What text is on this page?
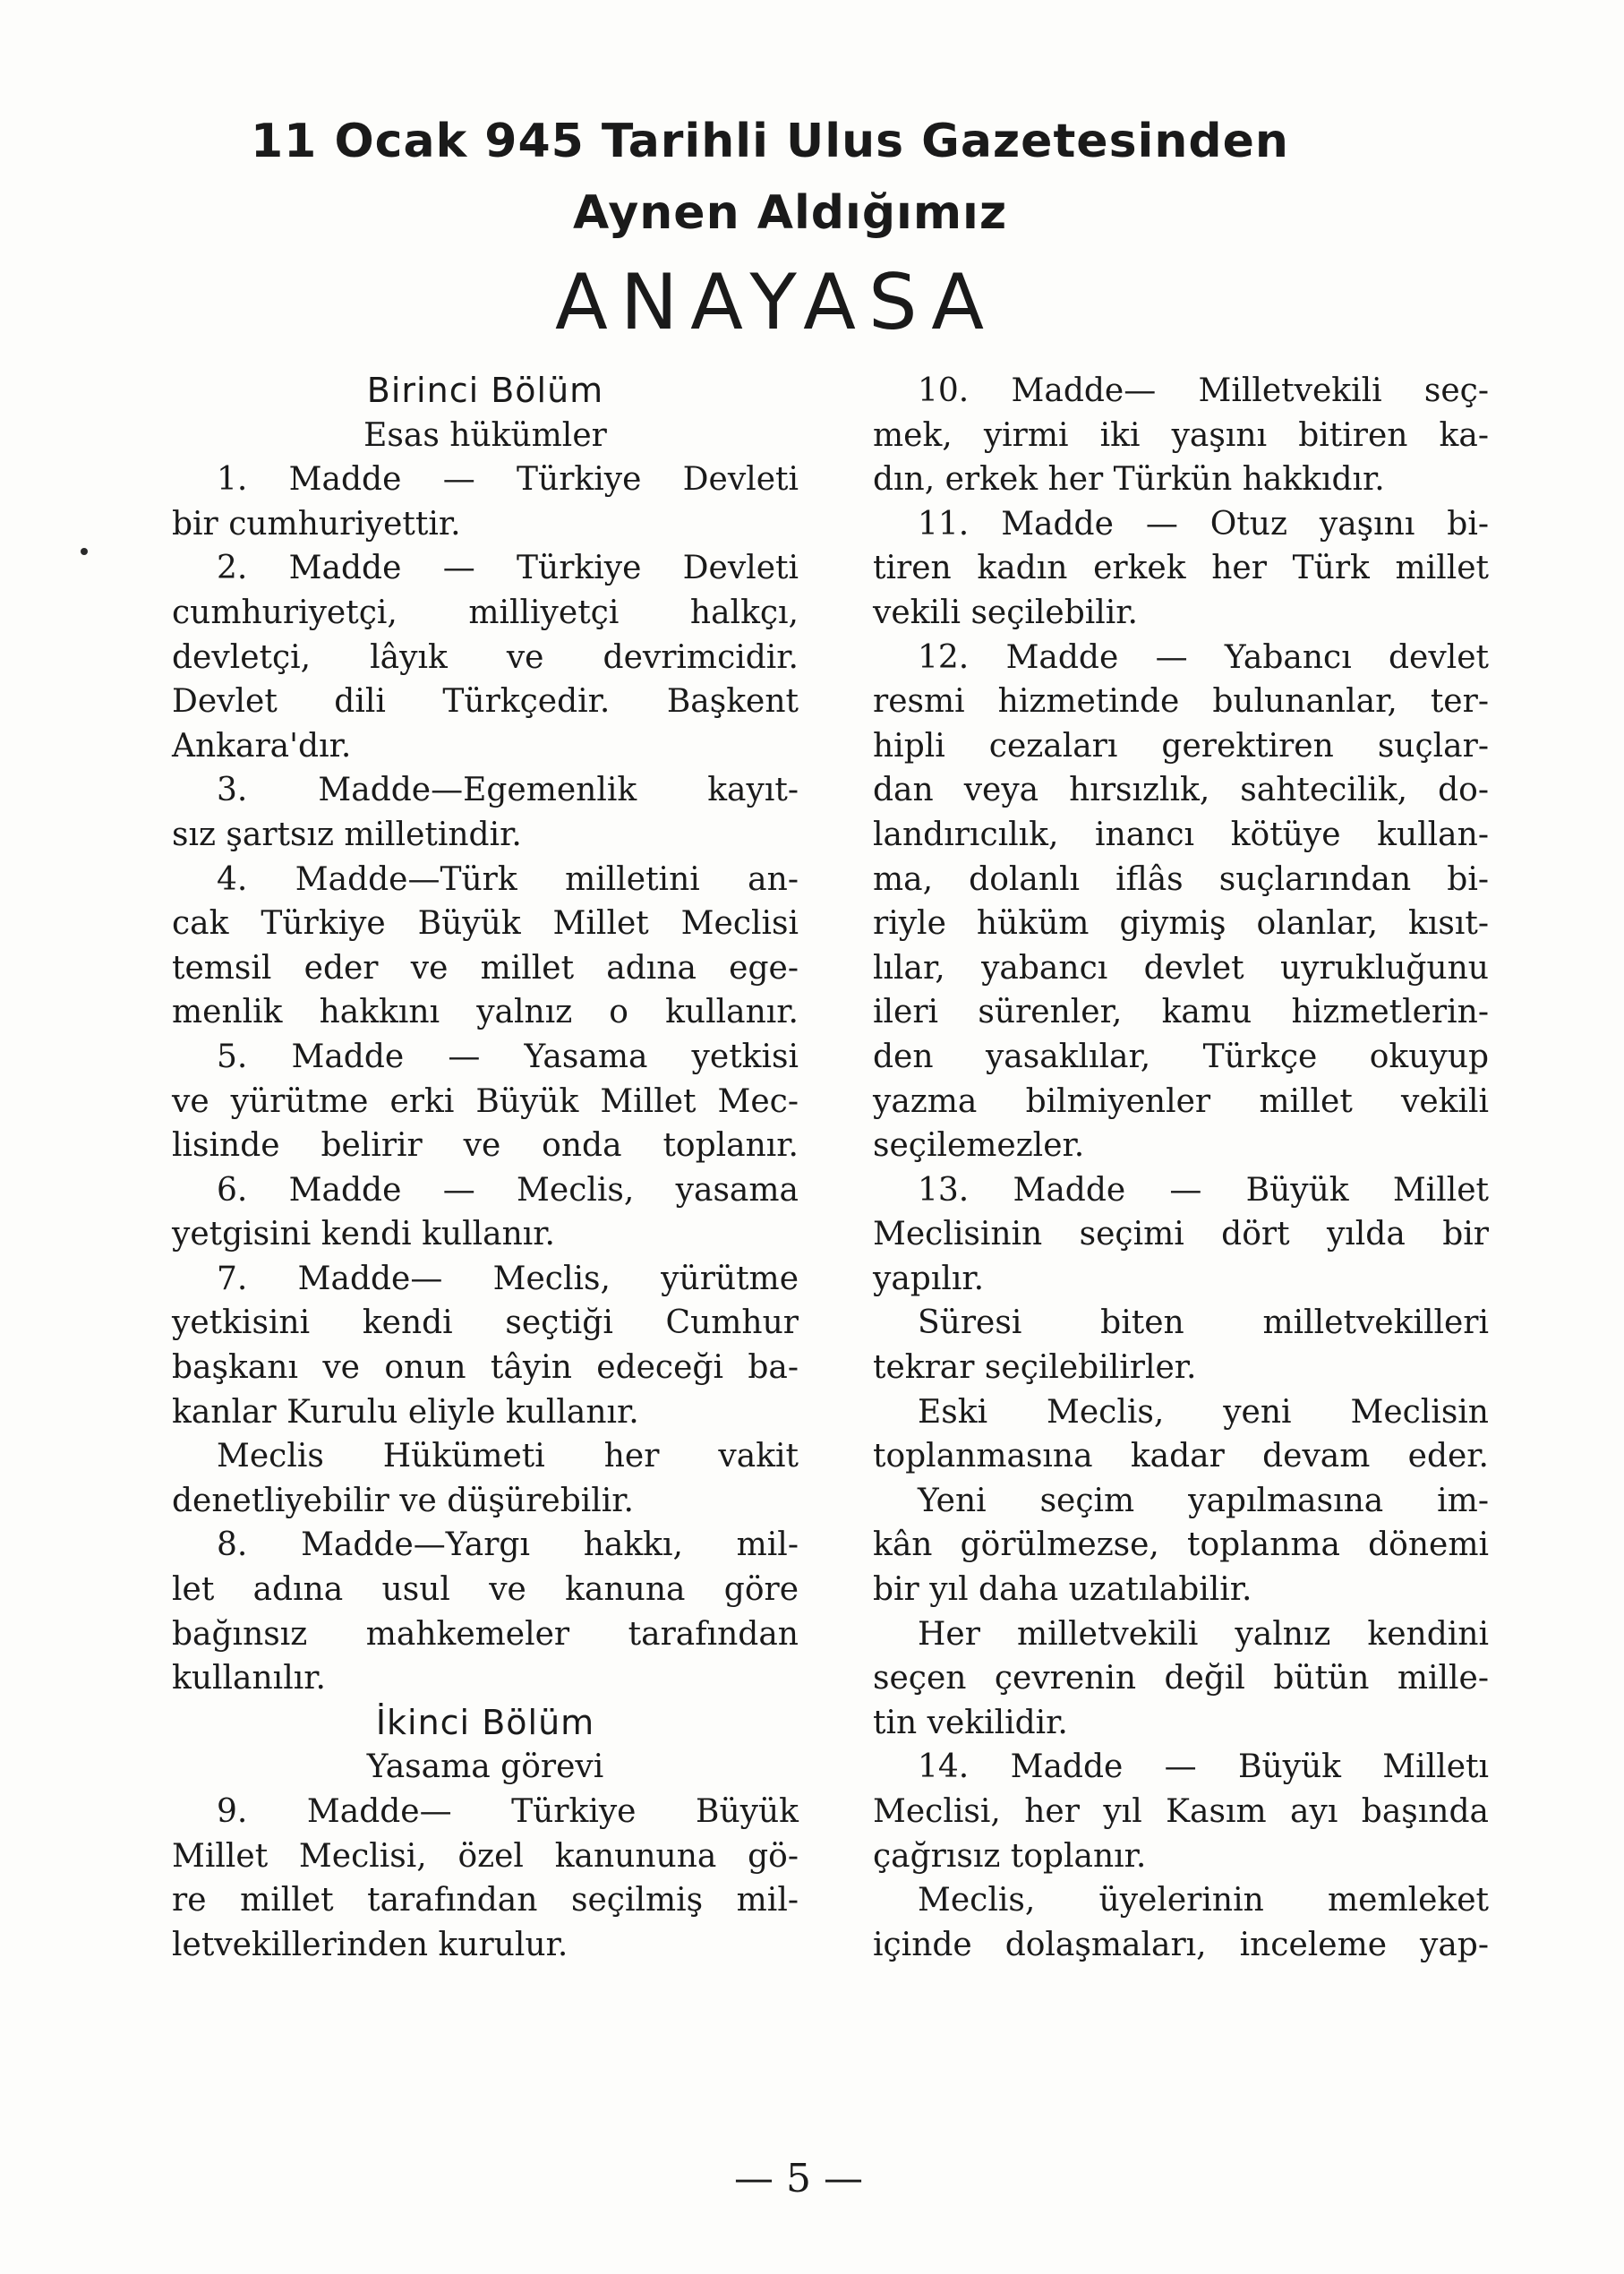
11 Ocak 945 Tarihli Ulus Gazetesinden
Aynen Aldığımız
ANAYASA
Birinci Bölüm
Esas hükümler
1. Madde — Türkiye Devleti
bir cumhuriyettir.
2. Madde — Türkiye Devleti
cumhuriyetçi, milliyetçi halkçı,
devletçi, lâyık ve devrimcidir.
Devlet dili Türkçedir. Başkent
Ankara'dır.
3. Madde—Egemenlik kayıt-
sız şartsız milletindir.
4. Madde—Türk milletini an-
cak Türkiye Büyük Millet Meclisi
temsil eder ve millet adına ege-
menlik hakkını yalnız o kullanır.
5. Madde — Yasama yetkisi
ve yürütme erki Büyük Millet Mec-
lisinde belirir ve onda toplanır.
6. Madde — Meclis, yasama
yetgisini kendi kullanır.
7. Madde— Meclis, yürütme
yetkisini kendi seçtiği Cumhur
başkanı ve onun tâyin edeceği ba-
kanlar Kurulu eliyle kullanır.
Meclis Hükümeti her vakit
denetliyebilir ve düşürebilir.
8. Madde—Yargı hakkı, mil-
let adına usul ve kanuna göre
bağınsız mahkemeler tarafından
kullanılır.
İkinci Bölüm
Yasama görevi
9. Madde— Türkiye Büyük
Millet Meclisi, özel kanununa gö-
re millet tarafından seçilmiş mil-
letvekillerinden kurulur.
10. Madde— Milletvekili seç-
mek, yirmi iki yaşını bitiren ka-
dın, erkek her Türkün hakkıdır.
11. Madde — Otuz yaşını bi-
tiren kadın erkek her Türk millet
vekili seçilebilir.
12. Madde — Yabancı devlet
resmi hizmetinde bulunanlar, ter-
hipli cezaları gerektiren suçlar-
dan veya hırsızlık, sahtecilik, do-
landırıcılık, inancı kötüye kullan-
ma, dolanlı iflâs suçlarından bi-
riyle hüküm giymiş olanlar, kısıt-
lılar, yabancı devlet uyrukluğunu
ileri sürenler, kamu hizmetlerin-
den yasaklılar, Türkçe okuyup
yazma bilmiyenler millet vekili
seçilemezler.
13. Madde — Büyük Millet
Meclisinin seçimi dört yılda bir
yapılır.
Süresi biten milletvekilleri
tekrar seçilebilirler.
Eski Meclis, yeni Meclisin
toplanmasına kadar devam eder.
Yeni seçim yapılmasına im-
kân görülmezse, toplanma dönemi
bir yıl daha uzatılabilir.
Her milletvekili yalnız kendini
seçen çevrenin değil bütün mille-
tin vekilidir.
14. Madde — Büyük Milletı
Meclisi, her yıl Kasım ayı başında
çağrısız toplanır.
Meclis, üyelerinin memleket
içinde dolaşmaları, inceleme yap-
— 5 —
